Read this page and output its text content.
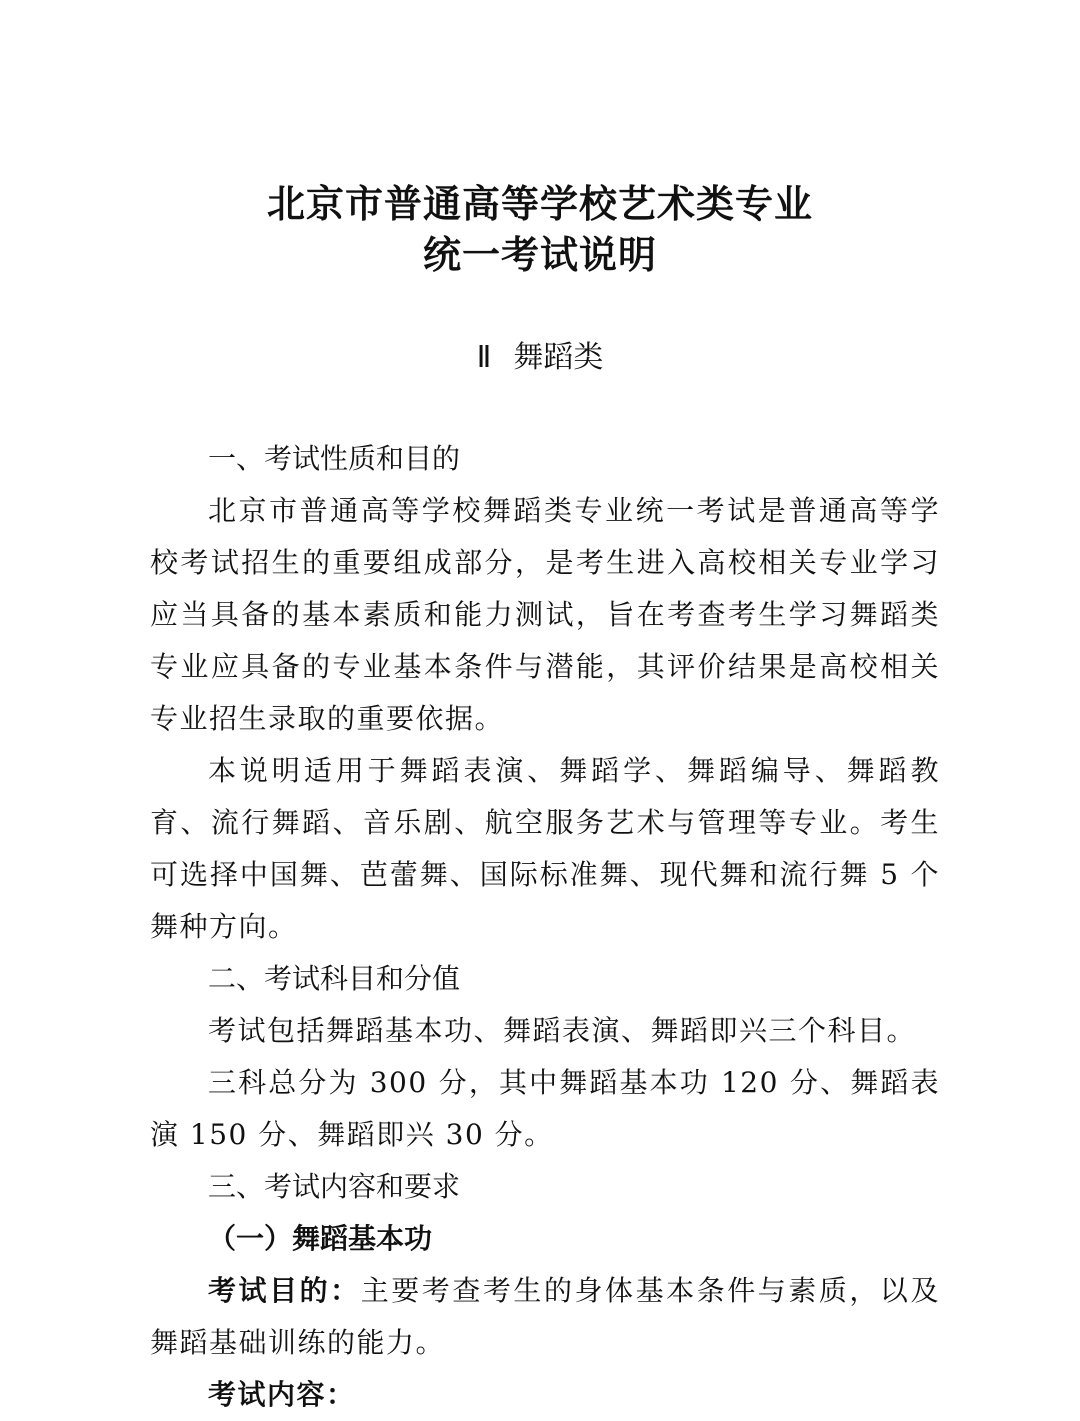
北京市普通高等学校艺术类专业
统一考试说明
Ⅱ 舞蹈类
一、考试性质和目的
北京市普通高等学校舞蹈类专业统一考试是普通高等学校考试招生的重要组成部分，是考生进入高校相关专业学习应当具备的基本素质和能力测试，旨在考查考生学习舞蹈类专业应具备的专业基本条件与潜能，其评价结果是高校相关专业招生录取的重要依据。
本说明适用于舞蹈表演、舞蹈学、舞蹈编导、舞蹈教育、流行舞蹈、音乐剧、航空服务艺术与管理等专业。考生可选择中国舞、芭蕾舞、国际标准舞、现代舞和流行舞 5 个舞种方向。
二、考试科目和分值
考试包括舞蹈基本功、舞蹈表演、舞蹈即兴三个科目。
三科总分为 300 分，其中舞蹈基本功 120 分、舞蹈表演 150 分、舞蹈即兴 30 分。
三、考试内容和要求
（一）舞蹈基本功
考试目的：主要考查考生的身体基本条件与素质，以及舞蹈基础训练的能力。
考试内容：
